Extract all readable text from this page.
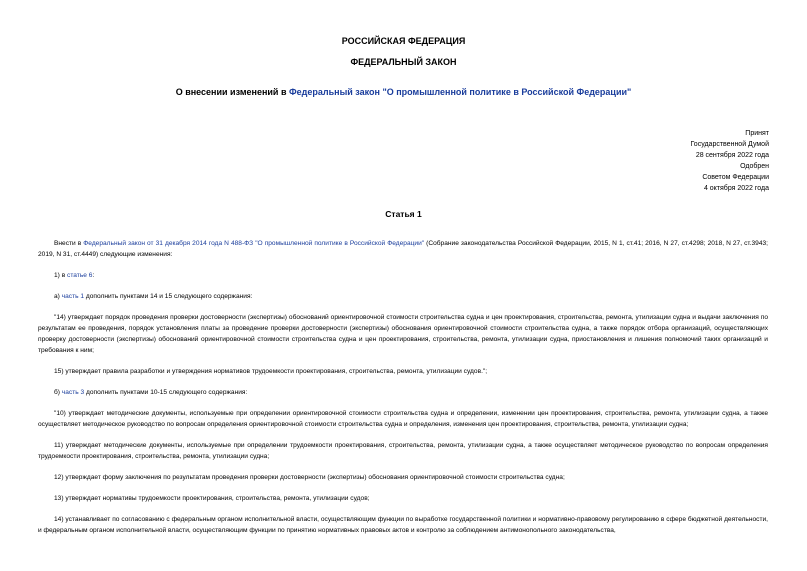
РОССИЙСКАЯ ФЕДЕРАЦИЯ
ФЕДЕРАЛЬНЫЙ ЗАКОН
О внесении изменений в Федеральный закон "О промышленной политике в Российской Федерации"
Принят
Государственной Думой
28 сентября 2022 года
Одобрен
Советом Федерации
4 октября 2022 года
Статья 1

Внести в Федеральный закон от 31 декабря 2014 года N 488-ФЗ "О промышленной политике в Российской Федерации" (Собрание законодательства Российской Федерации, 2015, N 1, ст.41; 2016, N 27, ст.4298; 2018, N 27, ст.3943; 2019, N 31, ст.4449) следующие изменения:

1) в статье 6:

а) часть 1 дополнить пунктами 14 и 15 следующего содержания:

"14) утверждает порядок проведения проверки достоверности (экспертизы) обоснований ориентировочной стоимости строительства судна и цен проектирования, строительства, ремонта, утилизации судна и выдачи заключения по результатам ее проведения, порядок установления платы за проведение проверки достоверности (экспертизы) обоснования ориентировочной стоимости строительства судна, а также порядок отбора организаций, осуществляющих проверку достоверности (экспертизы) обоснований ориентировочной стоимости строительства судна и цен проектирования, строительства, ремонта, утилизации судна, приостановления и лишения полномочий таких организаций и требования к ним;

15) утверждает правила разработки и утверждения нормативов трудоемкости проектирования, строительства, ремонта, утилизации судов.";

б) часть 3 дополнить пунктами 10-15 следующего содержания:

"10) утверждает методические документы, используемые при определении ориентировочной стоимости строительства судна и определении, изменении цен проектирования, строительства, ремонта, утилизации судна, а также осуществляет методическое руководство по вопросам определения ориентировочной стоимости строительства судна и определения, изменения цен проектирования, строительства, ремонта, утилизации судна;

11) утверждает методические документы, используемые при определении трудоемкости проектирования, строительства, ремонта, утилизации судна, а также осуществляет методическое руководство по вопросам определения трудоемкости проектирования, строительства, ремонта, утилизации судна;

12) утверждает форму заключения по результатам проведения проверки достоверности (экспертизы) обоснования ориентировочной стоимости строительства судна;

13) утверждает нормативы трудоемкости проектирования, строительства, ремонта, утилизации судов;

14) устанавливает по согласованию с федеральным органом исполнительной власти, осуществляющим функции по выработке государственной политики и нормативно-правовому регулированию в сфере бюджетной деятельности, и федеральным органом исполнительной власти, осуществляющим функции по принятию нормативных правовых актов и контролю за соблюдением антимонопольного законодательства,
